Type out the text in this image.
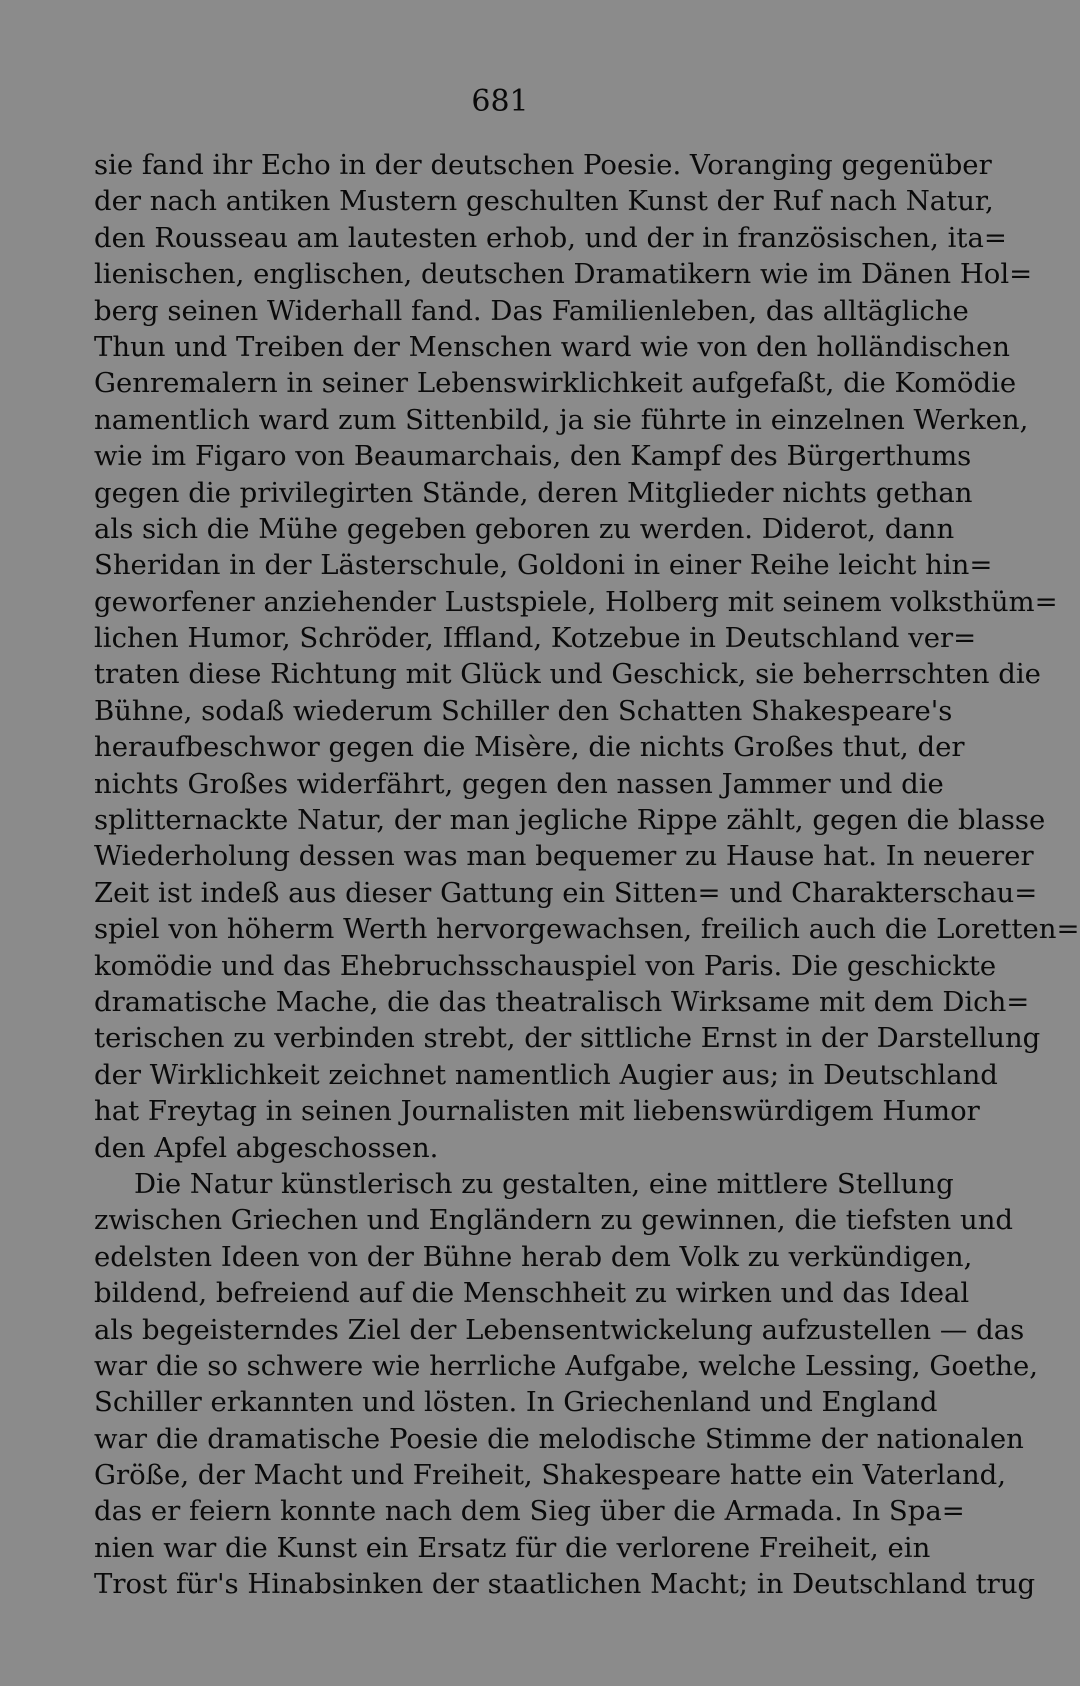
681
sie fand ihr Echo in der deutschen Poesie. Voranging gegenüber
der nach antiken Mustern geschulten Kunst der Ruf nach Natur,
den Rousseau am lautesten erhob, und der in französischen, ita=
lienischen, englischen, deutschen Dramatikern wie im Dänen Hol=
berg seinen Widerhall fand. Das Familienleben, das alltägliche
Thun und Treiben der Menschen ward wie von den holländischen
Genremalern in seiner Lebenswirklichkeit aufgefaßt, die Komödie
namentlich ward zum Sittenbild, ja sie führte in einzelnen Werken,
wie im Figaro von Beaumarchais, den Kampf des Bürgerthums
gegen die privilegirten Stände, deren Mitglieder nichts gethan
als sich die Mühe gegeben geboren zu werden. Diderot, dann
Sheridan in der Lästerschule, Goldoni in einer Reihe leicht hin=
geworfener anziehender Lustspiele, Holberg mit seinem volksthüm=
lichen Humor, Schröder, Iffland, Kotzebue in Deutschland ver=
traten diese Richtung mit Glück und Geschick, sie beherrschten die
Bühne, sodaß wiederum Schiller den Schatten Shakespeare's
heraufbeschwor gegen die Misère, die nichts Großes thut, der
nichts Großes widerfährt, gegen den nassen Jammer und die
splitternackte Natur, der man jegliche Rippe zählt, gegen die blasse
Wiederholung dessen was man bequemer zu Hause hat. In neuerer
Zeit ist indeß aus dieser Gattung ein Sitten= und Charakterschau=
spiel von höherm Werth hervorgewachsen, freilich auch die Loretten=
komödie und das Ehebruchsschauspiel von Paris. Die geschickte
dramatische Mache, die das theatralisch Wirksame mit dem Dich=
terischen zu verbinden strebt, der sittliche Ernst in der Darstellung
der Wirklichkeit zeichnet namentlich Augier aus; in Deutschland
hat Freytag in seinen Journalisten mit liebenswürdigem Humor
den Apfel abgeschossen.
Die Natur künstlerisch zu gestalten, eine mittlere Stellung
zwischen Griechen und Engländern zu gewinnen, die tiefsten und
edelsten Ideen von der Bühne herab dem Volk zu verkündigen,
bildend, befreiend auf die Menschheit zu wirken und das Ideal
als begeisterndes Ziel der Lebensentwickelung aufzustellen — das
war die so schwere wie herrliche Aufgabe, welche Lessing, Goethe,
Schiller erkannten und lösten. In Griechenland und England
war die dramatische Poesie die melodische Stimme der nationalen
Größe, der Macht und Freiheit, Shakespeare hatte ein Vaterland,
das er feiern konnte nach dem Sieg über die Armada. In Spa=
nien war die Kunst ein Ersatz für die verlorene Freiheit, ein
Trost für's Hinabsinken der staatlichen Macht; in Deutschland trug
